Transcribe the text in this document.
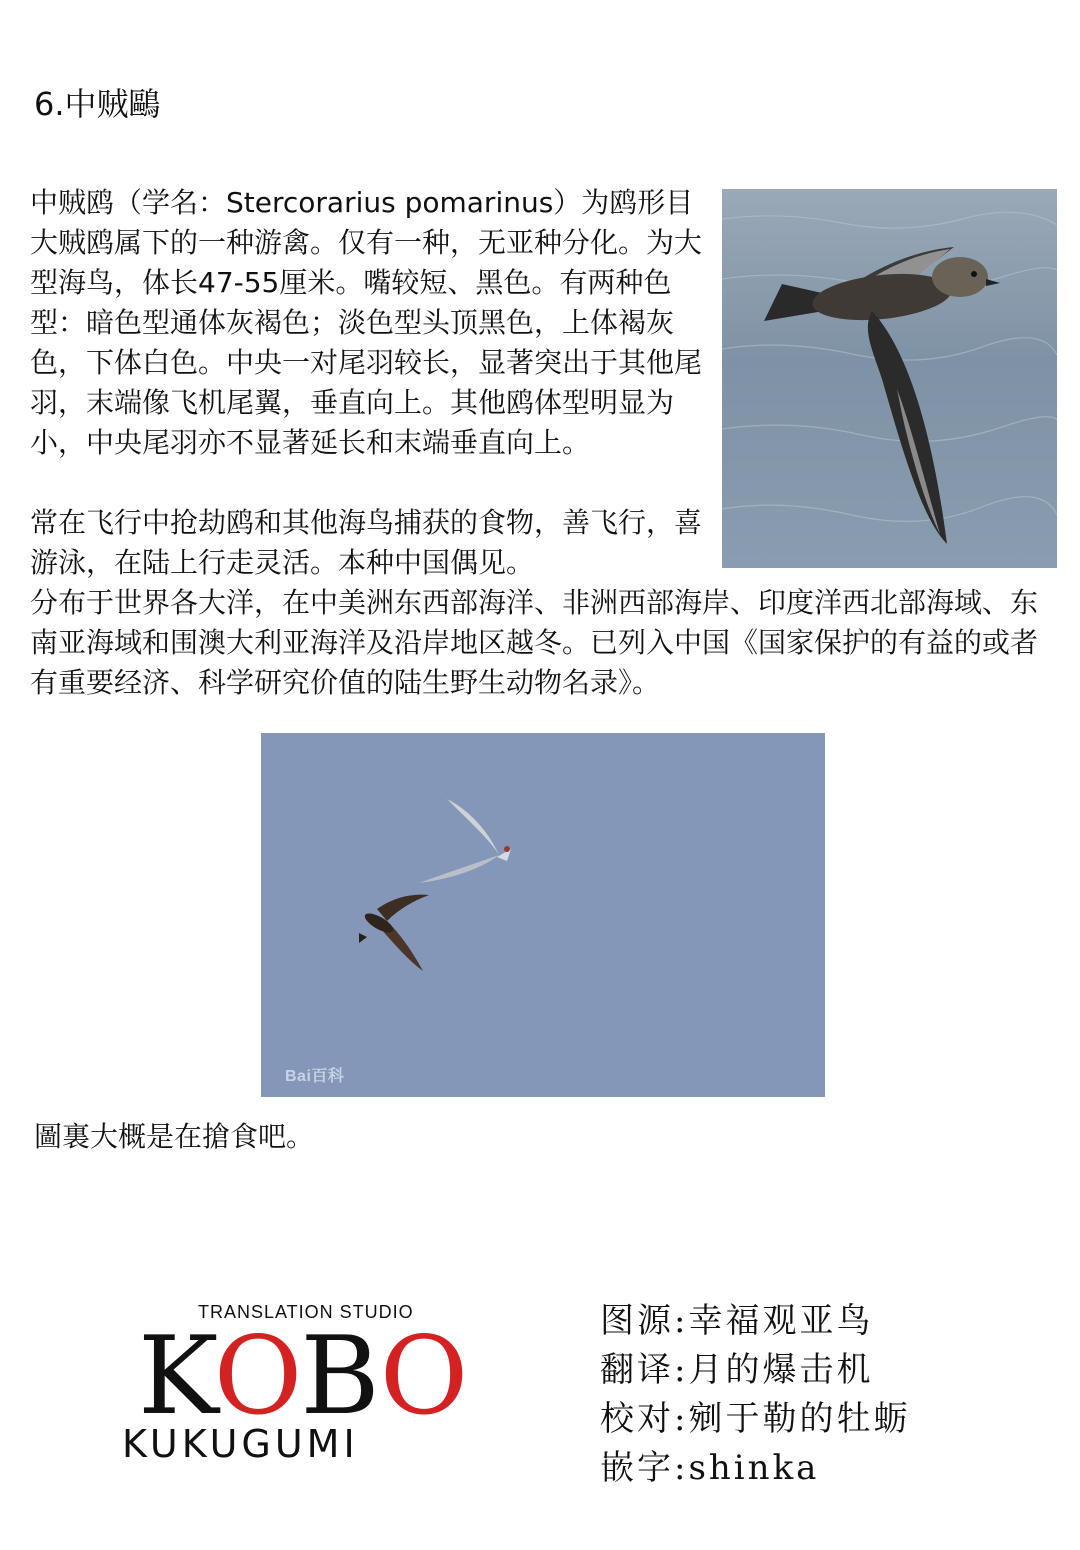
6.中贼鷗

中贼鸥（学名：Stercorarius pomarinus）为鸥形目大贼鸥属下的一种游禽。仅有一种，无亚种分化。为大型海鸟，体长47-55厘米。嘴较短、黑色。有两种色型：暗色型通体灰褐色；淡色型头顶黑色，上体褐灰色，下体白色。中央一对尾羽较长，显著突出于其他尾羽，末端像飞机尾翼，垂直向上。其他鸥体型明显为小，中央尾羽亦不显著延长和末端垂直向上。

常在飞行中抢劫鸥和其他海鸟捕获的食物，善飞行，喜游泳，在陆上行走灵活。本种中国偶见。

分布于世界各大洋，在中美洲东西部海洋、非洲西部海岸、印度洋西北部海域、东南亚海域和围澳大利亚海洋及沿岸地区越冬。已列入中国《国家保护的有益的或者有重要经济、科学研究价值的陆生野生动物名录》。

Bai百科

圖裏大概是在搶食吧。

TRANSLATION STUDIO
KOBO
KUKUGUMI
图源:幸福观亚鸟
翻译:月的爆击机
校对:剜于勒的牡蛎
嵌字:shinka
